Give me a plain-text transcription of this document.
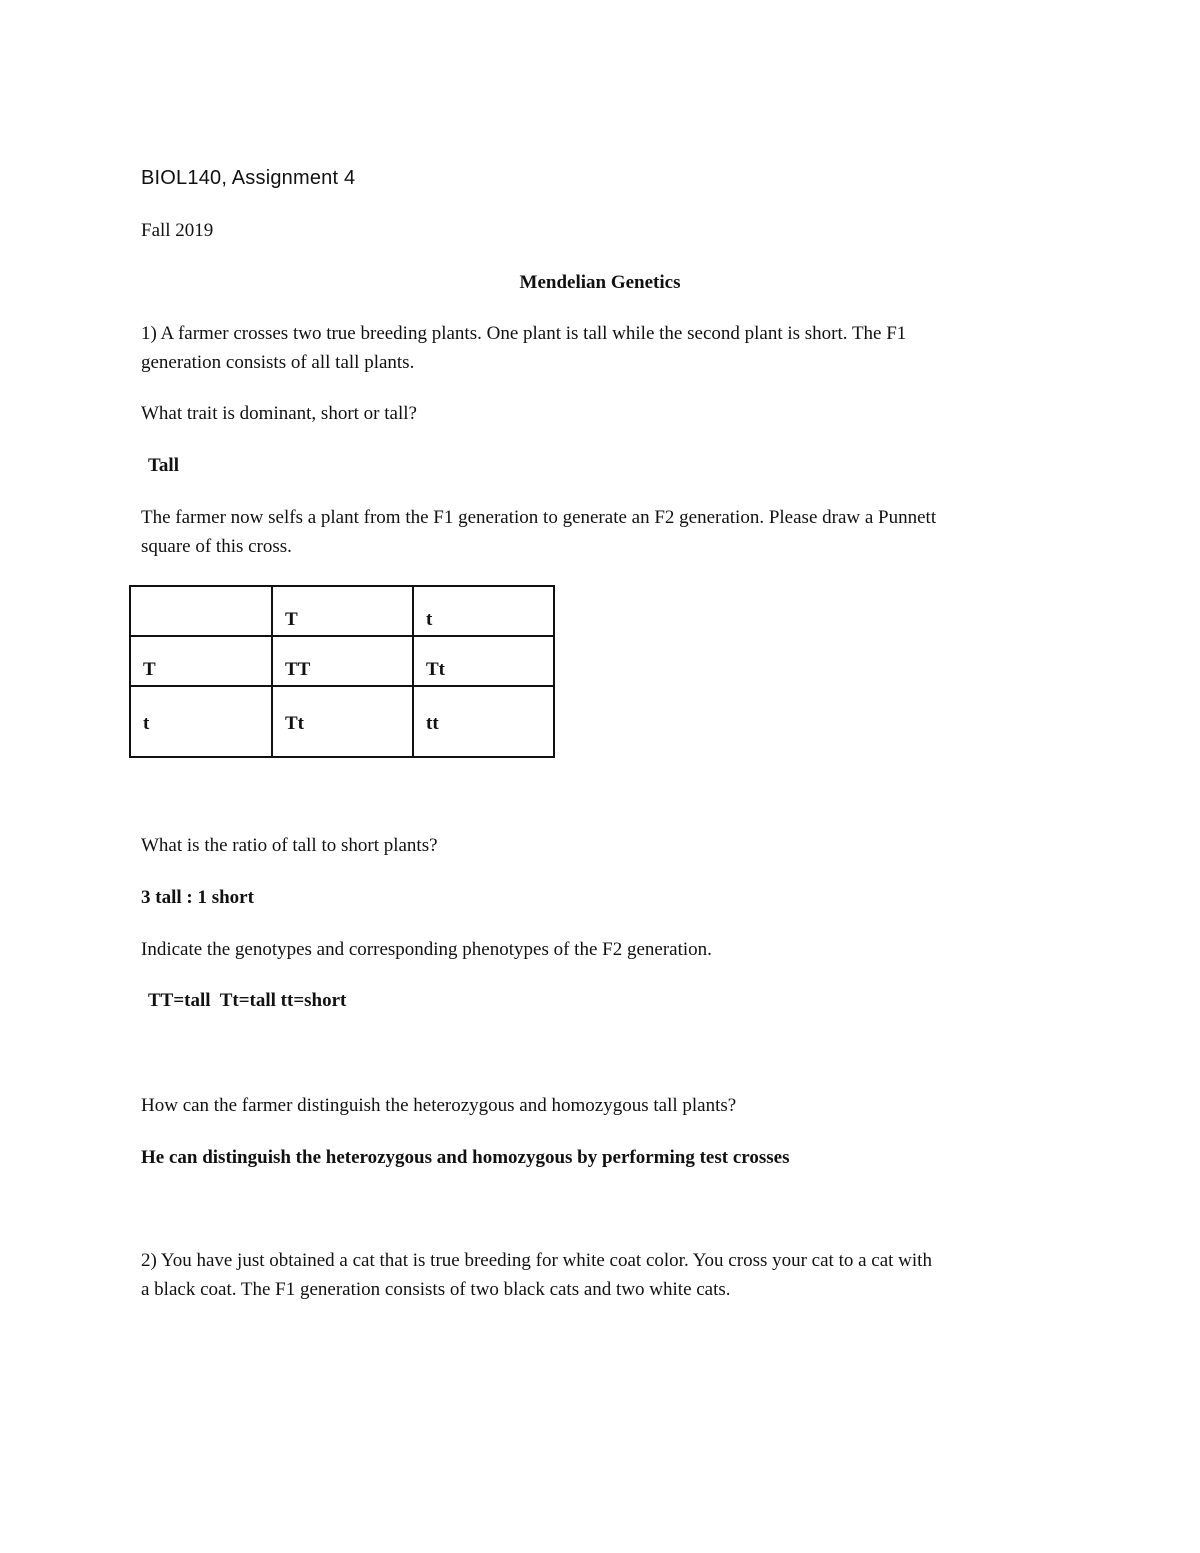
BIOL140, Assignment 4
Fall 2019
Mendelian Genetics
1) A farmer crosses two true breeding plants. One plant is tall while the second plant is short. The F1
generation consists of all tall plants.
What trait is dominant, short or tall?
Tall
The farmer now selfs a plant from the F1 generation to generate an F2 generation. Please draw a Punnett
square of this cross.
	T	t
T	TT	Tt
t	Tt	tt
What is the ratio of tall to short plants?
3 tall : 1 short
Indicate the genotypes and corresponding phenotypes of the F2 generation.
TT=tall  Tt=tall tt=short
How can the farmer distinguish the heterozygous and homozygous tall plants?
He can distinguish the heterozygous and homozygous by performing test crosses
2) You have just obtained a cat that is true breeding for white coat color. You cross your cat to a cat with
a black coat. The F1 generation consists of two black cats and two white cats.
